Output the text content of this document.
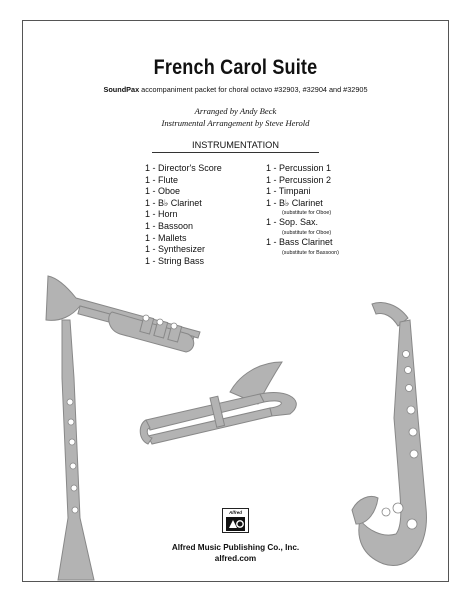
French Carol Suite
SoundPax accompaniment packet for choral octavo #32903, #32904 and #32905
Arranged by Andy Beck
Instrumental Arrangement by Steve Herold
INSTRUMENTATION
1 - Director's Score
1 - Flute
1 - Oboe
1 - B♭ Clarinet
1 - Horn
1 - Bassoon
1 - Mallets
1 - Synthesizer
1 - String Bass
1 - Percussion 1
1 - Percussion 2
1 - Timpani
1 - B♭ Clarinet
(substitute for Oboe)
1 - Sop. Sax.
(substitute for Oboe)
1 - Bass Clarinet
(substitute for Bassoon)
Alfred
Alfred Music Publishing Co., Inc.
alfred.com
